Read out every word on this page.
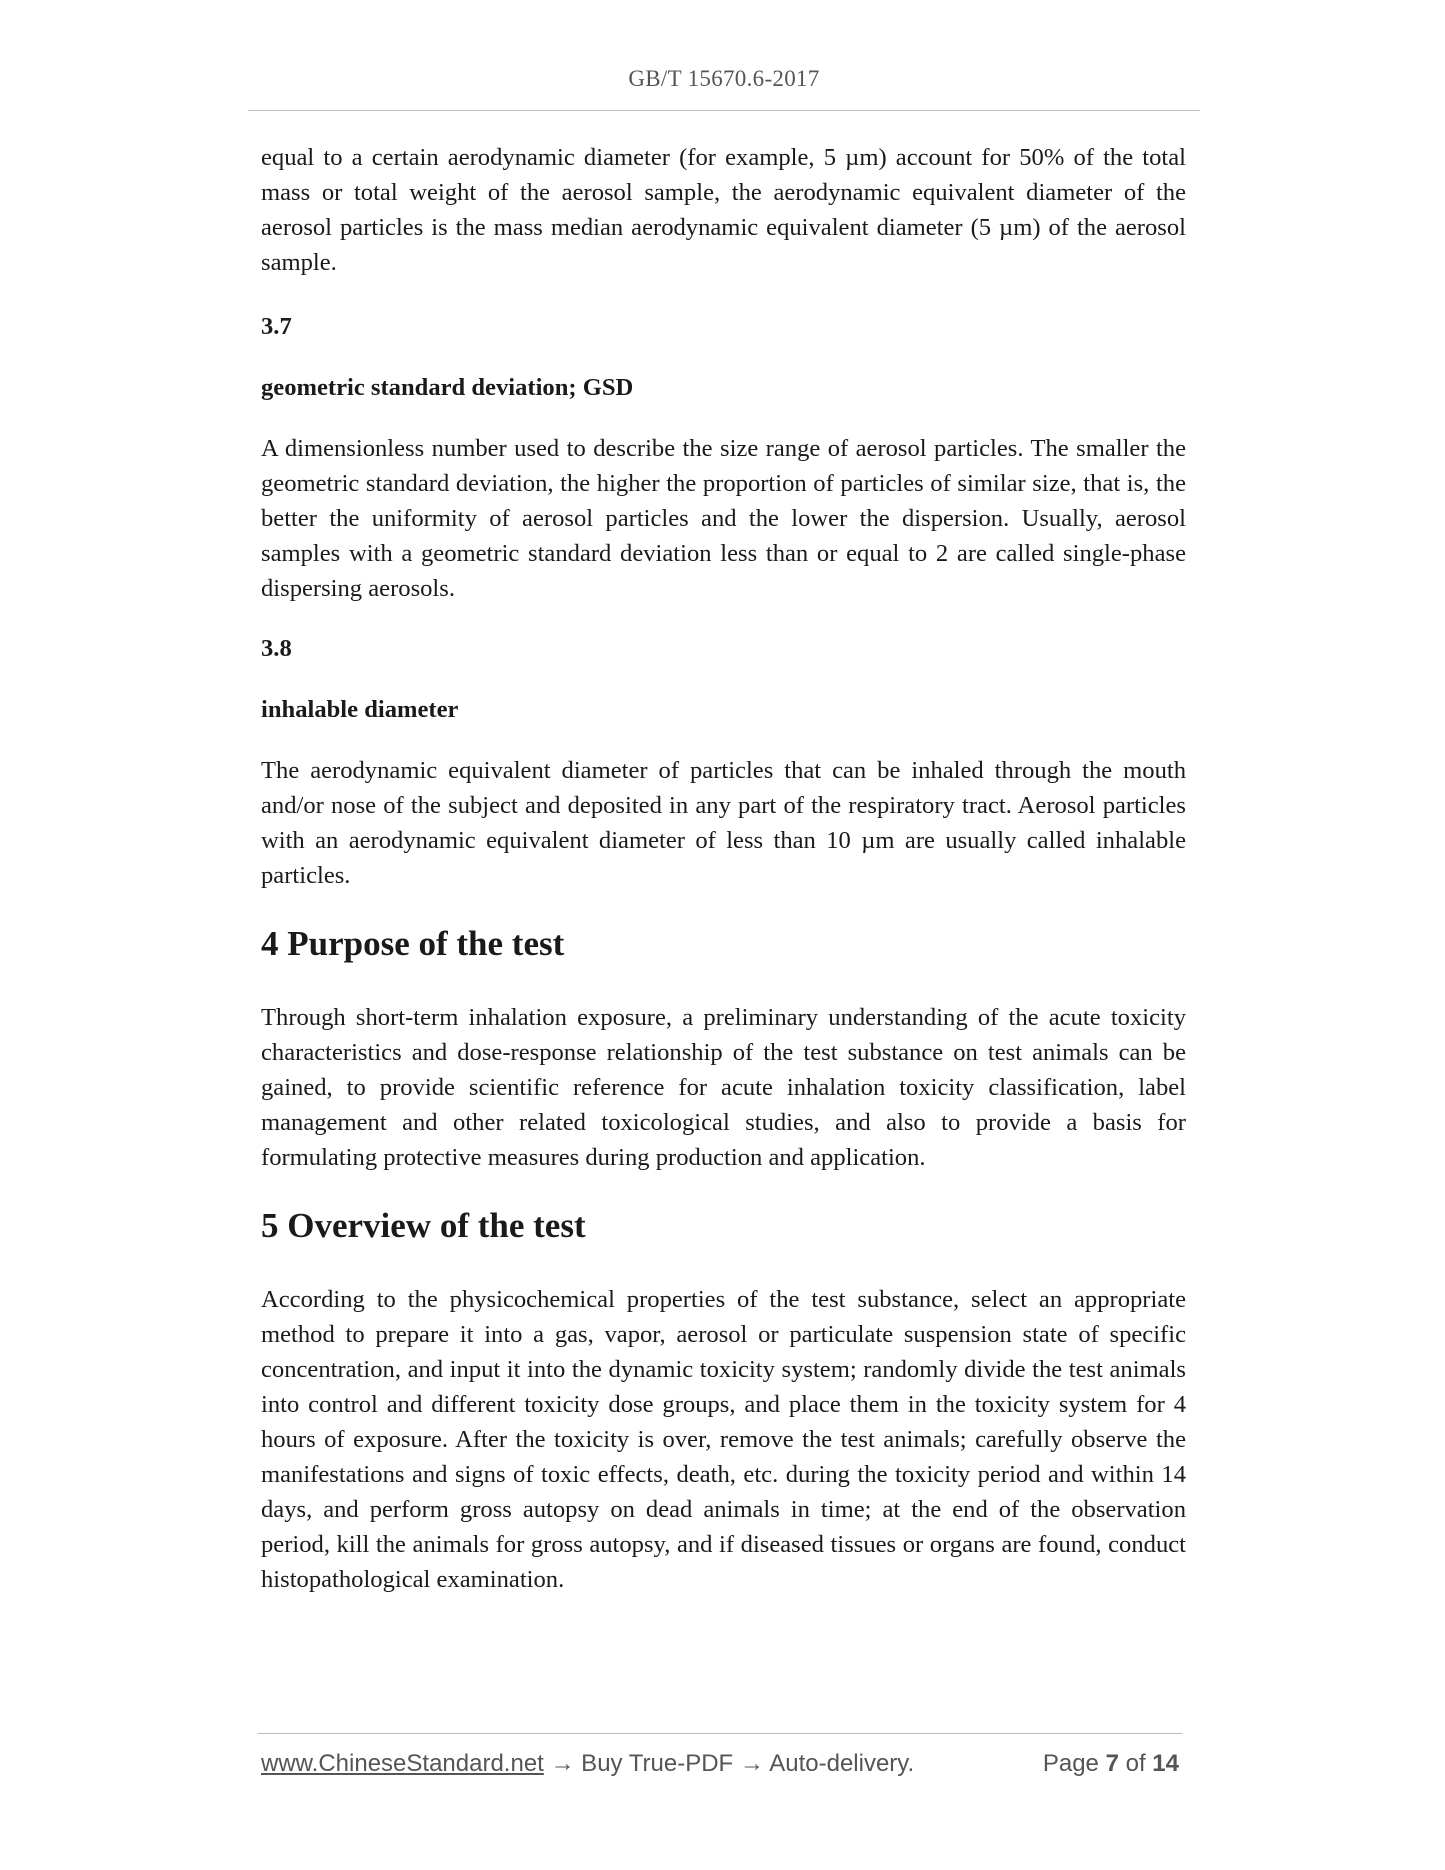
GB/T 15670.6-2017

equal to a certain aerodynamic diameter (for example, 5 µm) account for 50% of the total mass or total weight of the aerosol sample, the aerodynamic equivalent diameter of the aerosol particles is the mass median aerodynamic equivalent diameter (5 µm) of the aerosol sample.

3.7
geometric standard deviation; GSD

A dimensionless number used to describe the size range of aerosol particles. The smaller the geometric standard deviation, the higher the proportion of particles of similar size, that is, the better the uniformity of aerosol particles and the lower the dispersion. Usually, aerosol samples with a geometric standard deviation less than or equal to 2 are called single-phase dispersing aerosols.

3.8
inhalable diameter

The aerodynamic equivalent diameter of particles that can be inhaled through the mouth and/or nose of the subject and deposited in any part of the respiratory tract. Aerosol particles with an aerodynamic equivalent diameter of less than 10 µm are usually called inhalable particles.

4 Purpose of the test

Through short-term inhalation exposure, a preliminary understanding of the acute toxicity characteristics and dose-response relationship of the test substance on test animals can be gained, to provide scientific reference for acute inhalation toxicity classification, label management and other related toxicological studies, and also to provide a basis for formulating protective measures during production and application.

5 Overview of the test

According to the physicochemical properties of the test substance, select an appropriate method to prepare it into a gas, vapor, aerosol or particulate suspension state of specific concentration, and input it into the dynamic toxicity system; randomly divide the test animals into control and different toxicity dose groups, and place them in the toxicity system for 4 hours of exposure. After the toxicity is over, remove the test animals; carefully observe the manifestations and signs of toxic effects, death, etc. during the toxicity period and within 14 days, and perform gross autopsy on dead animals in time; at the end of the observation period, kill the animals for gross autopsy, and if diseased tissues or organs are found, conduct histopathological examination.

www.ChineseStandard.net → Buy True-PDF → Auto-delivery.	Page 7 of 14
